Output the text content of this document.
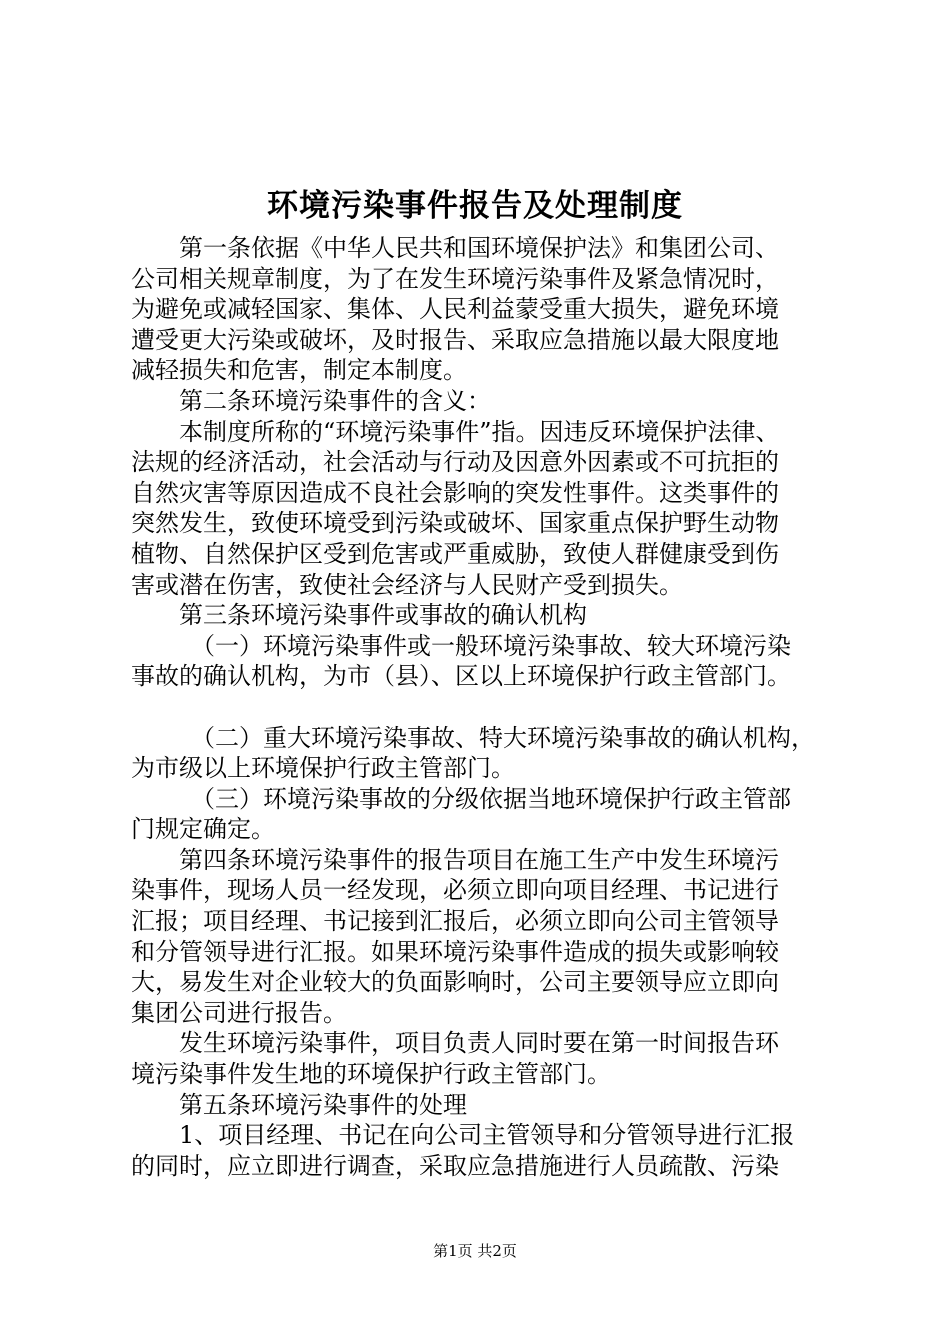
环境污染事件报告及处理制度
第一条依据《中华人民共和国环境保护法》和集团公司、
公司相关规章制度，为了在发生环境污染事件及紧急情况时，
为避免或减轻国家、集体、人民利益蒙受重大损失，避免环境
遭受更大污染或破坏，及时报告、采取应急措施以最大限度地
减轻损失和危害，制定本制度。
第二条环境污染事件的含义：
本制度所称的“环境污染事件”指。因违反环境保护法律、
法规的经济活动，社会活动与行动及因意外因素或不可抗拒的
自然灾害等原因造成不良社会影响的突发性事件。这类事件的
突然发生，致使环境受到污染或破坏、国家重点保护野生动物
植物、自然保护区受到危害或严重威胁，致使人群健康受到伤
害或潜在伤害，致使社会经济与人民财产受到损失。
第三条环境污染事件或事故的确认机构
（一）环境污染事件或一般环境污染事故、较大环境污染
事故的确认机构，为市（县）、区以上环境保护行政主管部门。
（二）重大环境污染事故、特大环境污染事故的确认机构，
为市级以上环境保护行政主管部门。
（三）环境污染事故的分级依据当地环境保护行政主管部
门规定确定。
第四条环境污染事件的报告项目在施工生产中发生环境污
染事件，现场人员一经发现，必须立即向项目经理、书记进行
汇报；项目经理、书记接到汇报后，必须立即向公司主管领导
和分管领导进行汇报。如果环境污染事件造成的损失或影响较
大，易发生对企业较大的负面影响时，公司主要领导应立即向
集团公司进行报告。
发生环境污染事件，项目负责人同时要在第一时间报告环
境污染事件发生地的环境保护行政主管部门。
第五条环境污染事件的处理
1、项目经理、书记在向公司主管领导和分管领导进行汇报
的同时，应立即进行调查，采取应急措施进行人员疏散、污染
第1页 共2页
